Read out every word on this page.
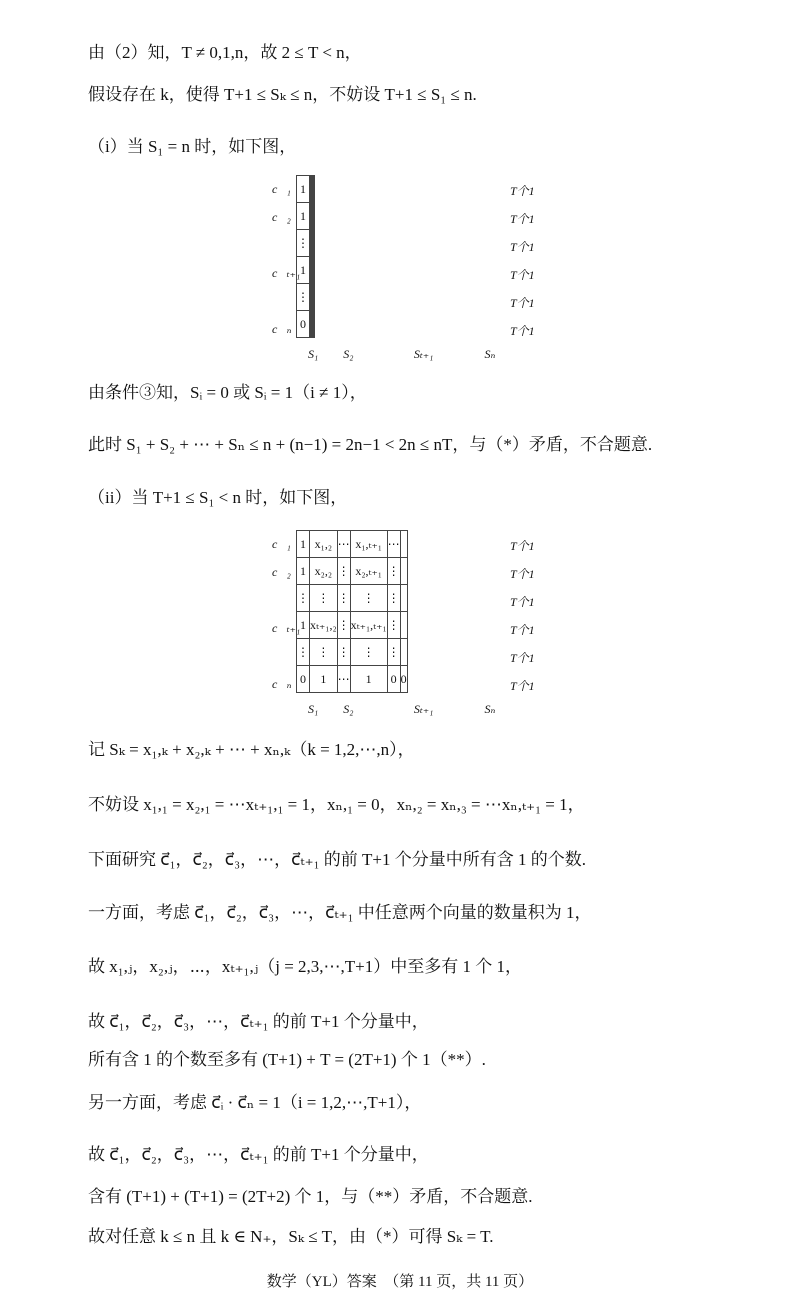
由（2）知，T ≠ 0,1,n，故 2 ≤ T < n，
假设存在 k，使得 T+1 ≤ Sₖ ≤ n，不妨设 T+1 ≤ S₁ ≤ n.
（i）当 S₁ = n 时，如下图，
1					
1					
⋮					
1					
⋮					
0					
c⃗₁
c⃗₂
c⃗ₜ₊₁
c⃗ₙ
T个1
T个1
T个1
T个1
T个1
T个1
S₁ S₂	Sₜ₊₁	Sₙ
由条件③知，Sᵢ = 0 或 Sᵢ = 1（i ≠ 1），
此时 S₁ + S₂ + ⋯ + Sₙ ≤ n + (n−1) = 2n−1 < 2n ≤ nT，与（*）矛盾，不合题意.
（ii）当 T+1 ≤ S₁ < n 时，如下图，
1	x₁,₂	⋯	x₁,ₜ₊₁	⋯	
1	x₂,₂	⋮	x₂,ₜ₊₁	⋮	
⋮	⋮	⋮	⋮	⋮	
1	xₜ₊₁,₂	⋮	xₜ₊₁,ₜ₊₁	⋮	
⋮	⋮	⋮	⋮	⋮	
0	1	⋯	1	0	0
c⃗₁
c⃗₂
c⃗ₜ₊₁
c⃗ₙ
T个1
T个1
T个1
T个1
T个1
T个1
S₁ S₂	Sₜ₊₁	Sₙ
记 Sₖ = x₁,ₖ + x₂,ₖ + ⋯ + xₙ,ₖ（k = 1,2,⋯,n），
不妨设 x₁,₁ = x₂,₁ = ⋯xₜ₊₁,₁ = 1，xₙ,₁ = 0，xₙ,₂ = xₙ,₃ = ⋯xₙ,ₜ₊₁ = 1，
下面研究 c⃗₁，c⃗₂，c⃗₃，⋯，c⃗ₜ₊₁ 的前 T+1 个分量中所有含 1 的个数.
一方面，考虑 c⃗₁，c⃗₂，c⃗₃，⋯，c⃗ₜ₊₁ 中任意两个向量的数量积为 1，
故 x₁,ⱼ，x₂,ⱼ，⋯，xₜ₊₁,ⱼ（j = 2,3,⋯,T+1）中至多有 1 个 1，
故 c⃗₁，c⃗₂，c⃗₃，⋯，c⃗ₜ₊₁ 的前 T+1 个分量中，
所有含 1 的个数至多有 (T+1) + T = (2T+1) 个 1（**）.
另一方面，考虑 c⃗ᵢ · c⃗ₙ = 1（i = 1,2,⋯,T+1），
故 c⃗₁，c⃗₂，c⃗₃，⋯，c⃗ₜ₊₁ 的前 T+1 个分量中，
含有 (T+1) + (T+1) = (2T+2) 个 1，与（**）矛盾，不合题意.
故对任意 k ≤ n 且 k ∈ N₊，Sₖ ≤ T，由（*）可得 Sₖ = T.
数学（YL）答案　（第 11 页，共 11 页）
